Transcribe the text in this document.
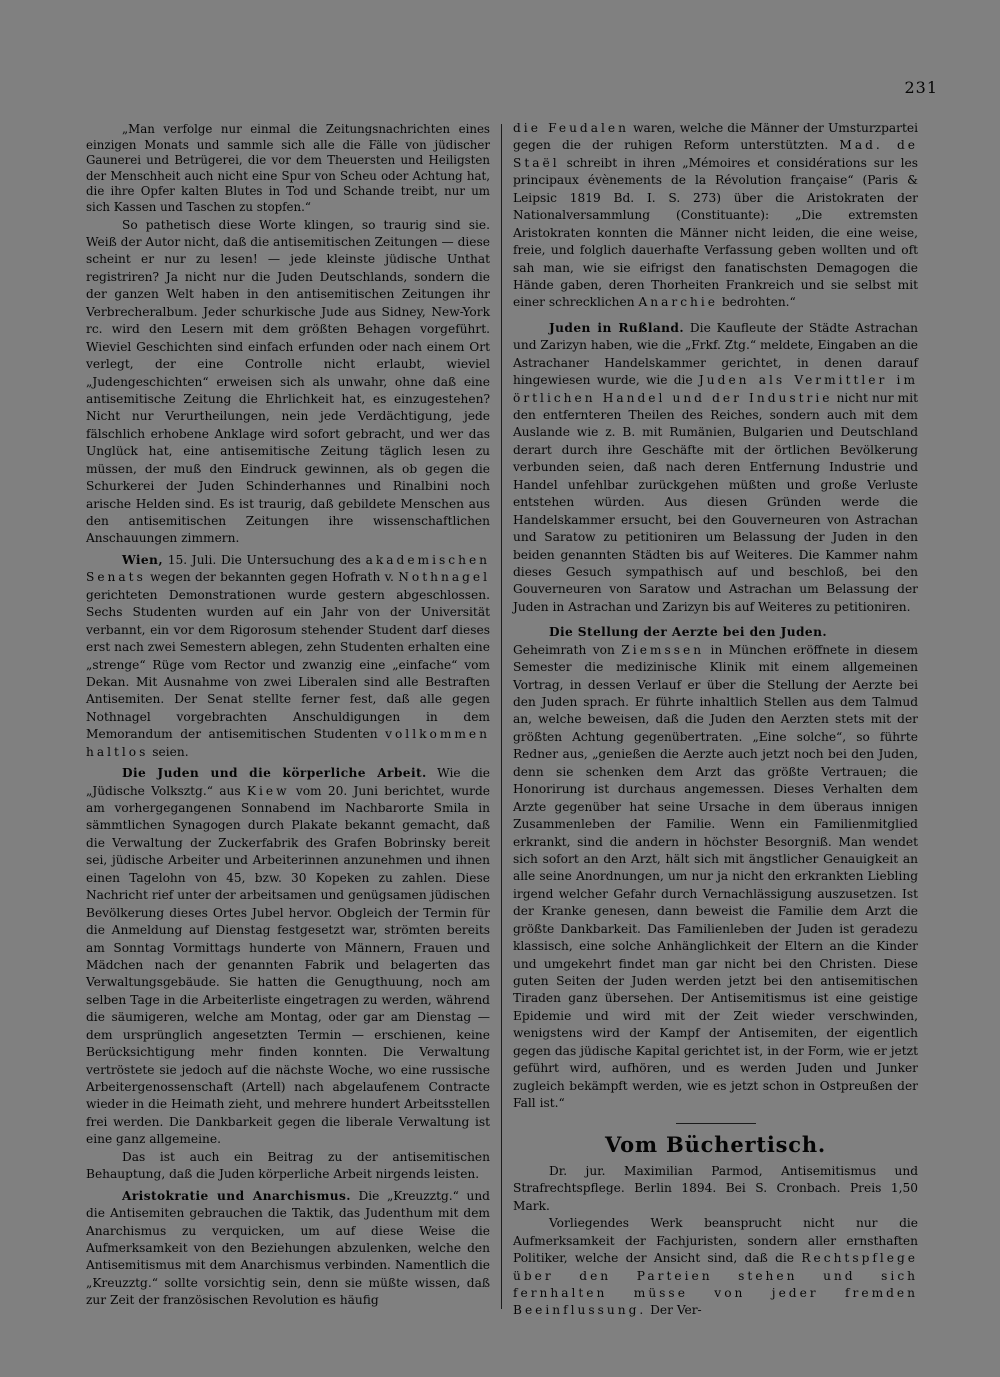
231

„Man verfolge nur einmal die Zeitungsnachrichten eines einzigen Monats und sammle sich alle die Fälle von jüdischer Gaunerei und Betrügerei, die vor dem Theuersten und Heiligsten der Menschheit auch nicht eine Spur von Scheu oder Achtung hat, die ihre Opfer kalten Blutes in Tod und Schande treibt, nur um sich Kassen und Taschen zu stopfen.“

So pathetisch diese Worte klingen, so traurig sind sie. Weiß der Autor nicht, daß die antisemitischen Zeitungen — diese scheint er nur zu lesen! — jede kleinste jüdische Unthat registriren? Ja nicht nur die Juden Deutschlands, sondern die der ganzen Welt haben in den antisemitischen Zeitungen ihr Verbrecheralbum. Jeder schurkische Jude aus Sidney, New-York rc. wird den Lesern mit dem größten Behagen vorgeführt. Wieviel Geschichten sind einfach erfunden oder nach einem Ort verlegt, der eine Controlle nicht erlaubt, wieviel „Judengeschichten“ erweisen sich als unwahr, ohne daß eine antisemitische Zeitung die Ehrlichkeit hat, es einzugestehen? Nicht nur Verurtheilungen, nein jede Verdächtigung, jede fälschlich erhobene Anklage wird sofort gebracht, und wer das Unglück hat, eine antisemitische Zeitung täglich lesen zu müssen, der muß den Eindruck gewinnen, als ob gegen die Schurkerei der Juden Schinderhannes und Rinalbini noch arische Helden sind. Es ist traurig, daß gebildete Menschen aus den antisemitischen Zeitungen ihre wissenschaftlichen Anschauungen zimmern.

Wien, 15. Juli. Die Untersuchung des akademischen Senats wegen der bekannten gegen Hofrath v. Nothnagel gerichteten Demonstrationen wurde gestern abgeschlossen. Sechs Studenten wurden auf ein Jahr von der Universität verbannt, ein vor dem Rigorosum stehender Student darf dieses erst nach zwei Semestern ablegen, zehn Studenten erhalten eine „strenge“ Rüge vom Rector und zwanzig eine „einfache“ vom Dekan. Mit Ausnahme von zwei Liberalen sind alle Bestraften Antisemiten. Der Senat stellte ferner fest, daß alle gegen Nothnagel vorgebrachten Anschuldigungen in dem Memorandum der antisemitischen Studenten vollkommen haltlos seien.

Die Juden und die körperliche Arbeit. Wie die „Jüdische Volksztg.“ aus Kiew vom 20. Juni berichtet, wurde am vorhergegangenen Sonnabend im Nachbarorte Smila in sämmtlichen Synagogen durch Plakate bekannt gemacht, daß die Verwaltung der Zuckerfabrik des Grafen Bobrinsky bereit sei, jüdische Arbeiter und Arbeiterinnen anzunehmen und ihnen einen Tagelohn von 45, bzw. 30 Kopeken zu zahlen. Diese Nachricht rief unter der arbeitsamen und genügsamen jüdischen Bevölkerung dieses Ortes Jubel hervor. Obgleich der Termin für die Anmeldung auf Dienstag festgesetzt war, strömten bereits am Sonntag Vormittags hunderte von Männern, Frauen und Mädchen nach der genannten Fabrik und belagerten das Verwaltungsgebäude. Sie hatten die Genugthuung, noch am selben Tage in die Arbeiterliste eingetragen zu werden, während die säumigeren, welche am Montag, oder gar am Dienstag — dem ursprünglich angesetzten Termin — erschienen, keine Berücksichtigung mehr finden konnten. Die Verwaltung vertröstete sie jedoch auf die nächste Woche, wo eine russische Arbeitergenossenschaft (Artell) nach abgelaufenem Contracte wieder in die Heimath zieht, und mehrere hundert Arbeitsstellen frei werden. Die Dankbarkeit gegen die liberale Verwaltung ist eine ganz allgemeine.

Das ist auch ein Beitrag zu der antisemitischen Behauptung, daß die Juden körperliche Arbeit nirgends leisten.

Aristokratie und Anarchismus. Die „Kreuzztg.“ und die Antisemiten gebrauchen die Taktik, das Judenthum mit dem Anarchismus zu verquicken, um auf diese Weise die Aufmerksamkeit von den Beziehungen abzulenken, welche den Antisemitismus mit dem Anarchismus verbinden. Namentlich die „Kreuzztg.“ sollte vorsichtig sein, denn sie müßte wissen, daß zur Zeit der französischen Revolution es häufig

die Feudalen waren, welche die Männer der Umsturzpartei gegen die der ruhigen Reform unterstützten. Mad. de Staël schreibt in ihren „Mémoires et considérations sur les principaux évènements de la Révolution française“ (Paris & Leipsic 1819 Bd. I. S. 273) über die Aristokraten der Nationalversammlung (Constituante): „Die extremsten Aristokraten konnten die Männer nicht leiden, die eine weise, freie, und folglich dauerhafte Verfassung geben wollten und oft sah man, wie sie eifrigst den fanatischsten Demagogen die Hände gaben, deren Thorheiten Frankreich und sie selbst mit einer schrecklichen Anarchie bedrohten.“

Juden in Rußland. Die Kaufleute der Städte Astrachan und Zarizyn haben, wie die „Frkf. Ztg.“ meldete, Eingaben an die Astrachaner Handelskammer gerichtet, in denen darauf hingewiesen wurde, wie die Juden als Vermittler im örtlichen Handel und der Industrie nicht nur mit den entfernteren Theilen des Reiches, sondern auch mit dem Auslande wie z. B. mit Rumänien, Bulgarien und Deutschland derart durch ihre Geschäfte mit der örtlichen Bevölkerung verbunden seien, daß nach deren Entfernung Industrie und Handel unfehlbar zurückgehen müßten und große Verluste entstehen würden. Aus diesen Gründen werde die Handelskammer ersucht, bei den Gouverneuren von Astrachan und Saratow zu petitioniren um Belassung der Juden in den beiden genannten Städten bis auf Weiteres. Die Kammer nahm dieses Gesuch sympathisch auf und beschloß, bei den Gouverneuren von Saratow und Astrachan um Belassung der Juden in Astrachan und Zarizyn bis auf Weiteres zu petitioniren.

Die Stellung der Aerzte bei den Juden.

Geheimrath von Ziemssen in München eröffnete in diesem Semester die medizinische Klinik mit einem allgemeinen Vortrag, in dessen Verlauf er über die Stellung der Aerzte bei den Juden sprach. Er führte inhaltlich Stellen aus dem Talmud an, welche beweisen, daß die Juden den Aerzten stets mit der größten Achtung gegenübertraten. „Eine solche“, so führte Redner aus, „genießen die Aerzte auch jetzt noch bei den Juden, denn sie schenken dem Arzt das größte Vertrauen; die Honorirung ist durchaus angemessen. Dieses Verhalten dem Arzte gegenüber hat seine Ursache in dem überaus innigen Zusammenleben der Familie. Wenn ein Familienmitglied erkrankt, sind die andern in höchster Besorgniß. Man wendet sich sofort an den Arzt, hält sich mit ängstlicher Genauigkeit an alle seine Anordnungen, um nur ja nicht den erkrankten Liebling irgend welcher Gefahr durch Vernachlässigung auszusetzen. Ist der Kranke genesen, dann beweist die Familie dem Arzt die größte Dankbarkeit. Das Familienleben der Juden ist geradezu klassisch, eine solche Anhänglichkeit der Eltern an die Kinder und umgekehrt findet man gar nicht bei den Christen. Diese guten Seiten der Juden werden jetzt bei den antisemitischen Tiraden ganz übersehen. Der Antisemitismus ist eine geistige Epidemie und wird mit der Zeit wieder verschwinden, wenigstens wird der Kampf der Antisemiten, der eigentlich gegen das jüdische Kapital gerichtet ist, in der Form, wie er jetzt geführt wird, aufhören, und es werden Juden und Junker zugleich bekämpft werden, wie es jetzt schon in Ostpreußen der Fall ist.“

Vom Büchertisch.

Dr. jur. Maximilian Parmod, Antisemitismus und Strafrechtspflege. Berlin 1894. Bei S. Cronbach. Preis 1,50 Mark.

Vorliegendes Werk beansprucht nicht nur die Aufmerksamkeit der Fachjuristen, sondern aller ernsthaften Politiker, welche der Ansicht sind, daß die Rechtspflege über den Parteien stehen und sich fernhalten müsse von jeder fremden Beeinflussung. Der Ver-
